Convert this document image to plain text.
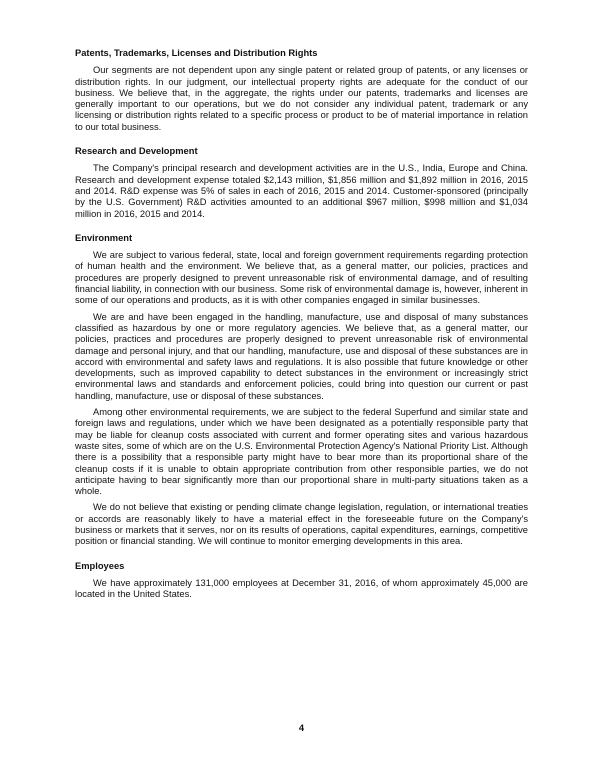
Patents, Trademarks, Licenses and Distribution Rights

Our segments are not dependent upon any single patent or related group of patents, or any licenses or distribution rights. In our judgment, our intellectual property rights are adequate for the conduct of our business. We believe that, in the aggregate, the rights under our patents, trademarks and licenses are generally important to our operations, but we do not consider any individual patent, trademark or any licensing or distribution rights related to a specific process or product to be of material importance in relation to our total business.

Research and Development

The Company's principal research and development activities are in the U.S., India, Europe and China. Research and development expense totaled $2,143 million, $1,856 million and $1,892 million in 2016, 2015 and 2014. R&D expense was 5% of sales in each of 2016, 2015 and 2014. Customer-sponsored (principally by the U.S. Government) R&D activities amounted to an additional $967 million, $998 million and $1,034 million in 2016, 2015 and 2014.

Environment

We are subject to various federal, state, local and foreign government requirements regarding protection of human health and the environment. We believe that, as a general matter, our policies, practices and procedures are properly designed to prevent unreasonable risk of environmental damage, and of resulting financial liability, in connection with our business. Some risk of environmental damage is, however, inherent in some of our operations and products, as it is with other companies engaged in similar businesses.

We are and have been engaged in the handling, manufacture, use and disposal of many substances classified as hazardous by one or more regulatory agencies. We believe that, as a general matter, our policies, practices and procedures are properly designed to prevent unreasonable risk of environmental damage and personal injury, and that our handling, manufacture, use and disposal of these substances are in accord with environmental and safety laws and regulations. It is also possible that future knowledge or other developments, such as improved capability to detect substances in the environment or increasingly strict environmental laws and standards and enforcement policies, could bring into question our current or past handling, manufacture, use or disposal of these substances.

Among other environmental requirements, we are subject to the federal Superfund and similar state and foreign laws and regulations, under which we have been designated as a potentially responsible party that may be liable for cleanup costs associated with current and former operating sites and various hazardous waste sites, some of which are on the U.S. Environmental Protection Agency's National Priority List. Although there is a possibility that a responsible party might have to bear more than its proportional share of the cleanup costs if it is unable to obtain appropriate contribution from other responsible parties, we do not anticipate having to bear significantly more than our proportional share in multi-party situations taken as a whole.

We do not believe that existing or pending climate change legislation, regulation, or international treaties or accords are reasonably likely to have a material effect in the foreseeable future on the Company's business or markets that it serves, nor on its results of operations, capital expenditures, earnings, competitive position or financial standing. We will continue to monitor emerging developments in this area.

Employees

We have approximately 131,000 employees at December 31, 2016, of whom approximately 45,000 are located in the United States.

4
